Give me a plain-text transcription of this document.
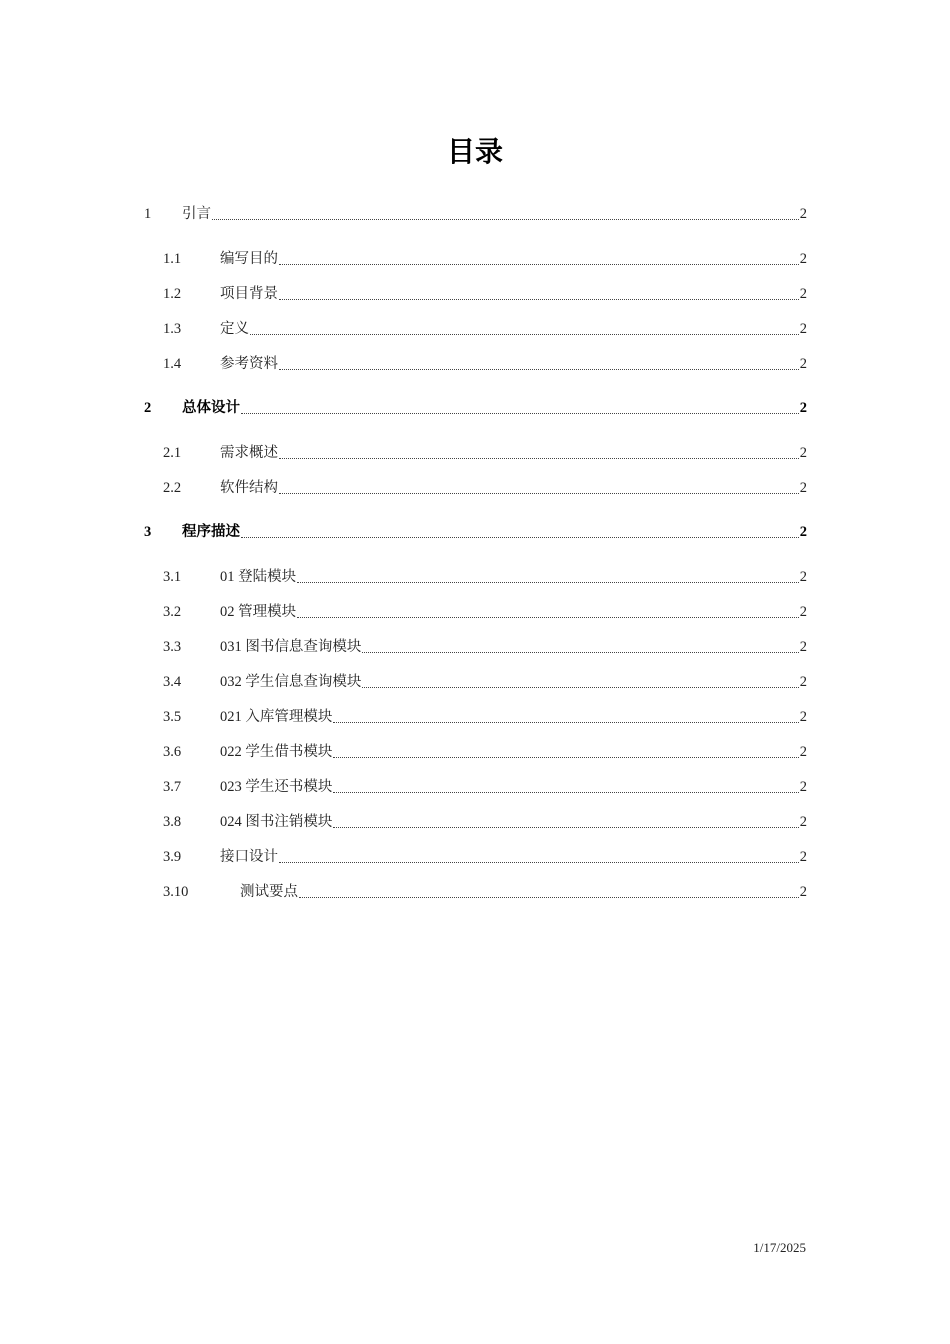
目录
1	引言	2
1.1	编写目的	2
1.2	项目背景	2
1.3	定义	2
1.4	参考资料	2
2	总体设计	2
2.1	需求概述	2
2.2	软件结构	2
3	程序描述	2
3.1	01 登陆模块	2
3.2	02 管理模块	2
3.3	031 图书信息查询模块	2
3.4	032 学生信息查询模块	2
3.5	021 入库管理模块	2
3.6	022 学生借书模块	2
3.7	023 学生还书模块	2
3.8	024 图书注销模块	2
3.9	接口设计	2
3.10	测试要点	2
1/17/2025
